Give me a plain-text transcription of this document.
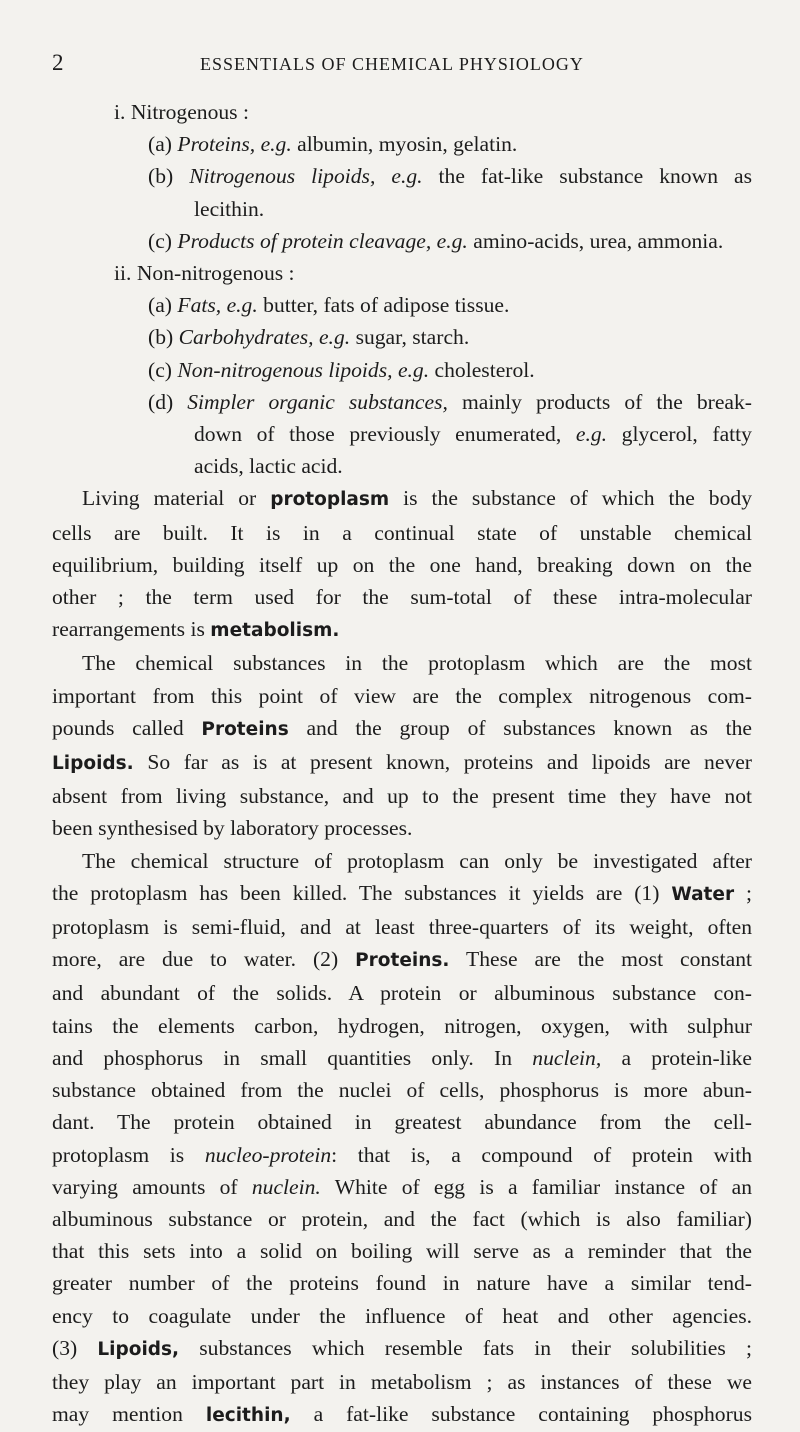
2	ESSENTIALS OF CHEMICAL PHYSIOLOGY
i. Nitrogenous :
(a) Proteins, e.g. albumin, myosin, gelatin.
(b) Nitrogenous lipoids, e.g. the fat-like substance known as
lecithin.
(c) Products of protein cleavage, e.g. amino-acids, urea, ammonia.
ii. Non-nitrogenous :
(a) Fats, e.g. butter, fats of adipose tissue.
(b) Carbohydrates, e.g. sugar, starch.
(c) Non-nitrogenous lipoids, e.g. cholesterol.
(d) Simpler organic substances, mainly products of the break-
down of those previously enumerated, e.g. glycerol, fatty
acids, lactic acid.
Living material or protoplasm is the substance of which the body
cells are built. It is in a continual state of unstable chemical
equilibrium, building itself up on the one hand, breaking down on the
other ; the term used for the sum-total of these intra-molecular
rearrangements is metabolism.
The chemical substances in the protoplasm which are the most
important from this point of view are the complex nitrogenous com-
pounds called Proteins and the group of substances known as the
Lipoids. So far as is at present known, proteins and lipoids are never
absent from living substance, and up to the present time they have not
been synthesised by laboratory processes.
The chemical structure of protoplasm can only be investigated after
the protoplasm has been killed. The substances it yields are (1) Water ;
protoplasm is semi-fluid, and at least three-quarters of its weight, often
more, are due to water. (2) Proteins. These are the most constant
and abundant of the solids. A protein or albuminous substance con-
tains the elements carbon, hydrogen, nitrogen, oxygen, with sulphur
and phosphorus in small quantities only. In nuclein, a protein-like
substance obtained from the nuclei of cells, phosphorus is more abun-
dant. The protein obtained in greatest abundance from the cell-
protoplasm is nucleo-protein: that is, a compound of protein with
varying amounts of nuclein. White of egg is a familiar instance of an
albuminous substance or protein, and the fact (which is also familiar)
that this sets into a solid on boiling will serve as a reminder that the
greater number of the proteins found in nature have a similar tend-
ency to coagulate under the influence of heat and other agencies.
(3) Lipoids, substances which resemble fats in their solubilities ;
they play an important part in metabolism ; as instances of these we
may mention lecithin, a fat-like substance containing phosphorus
